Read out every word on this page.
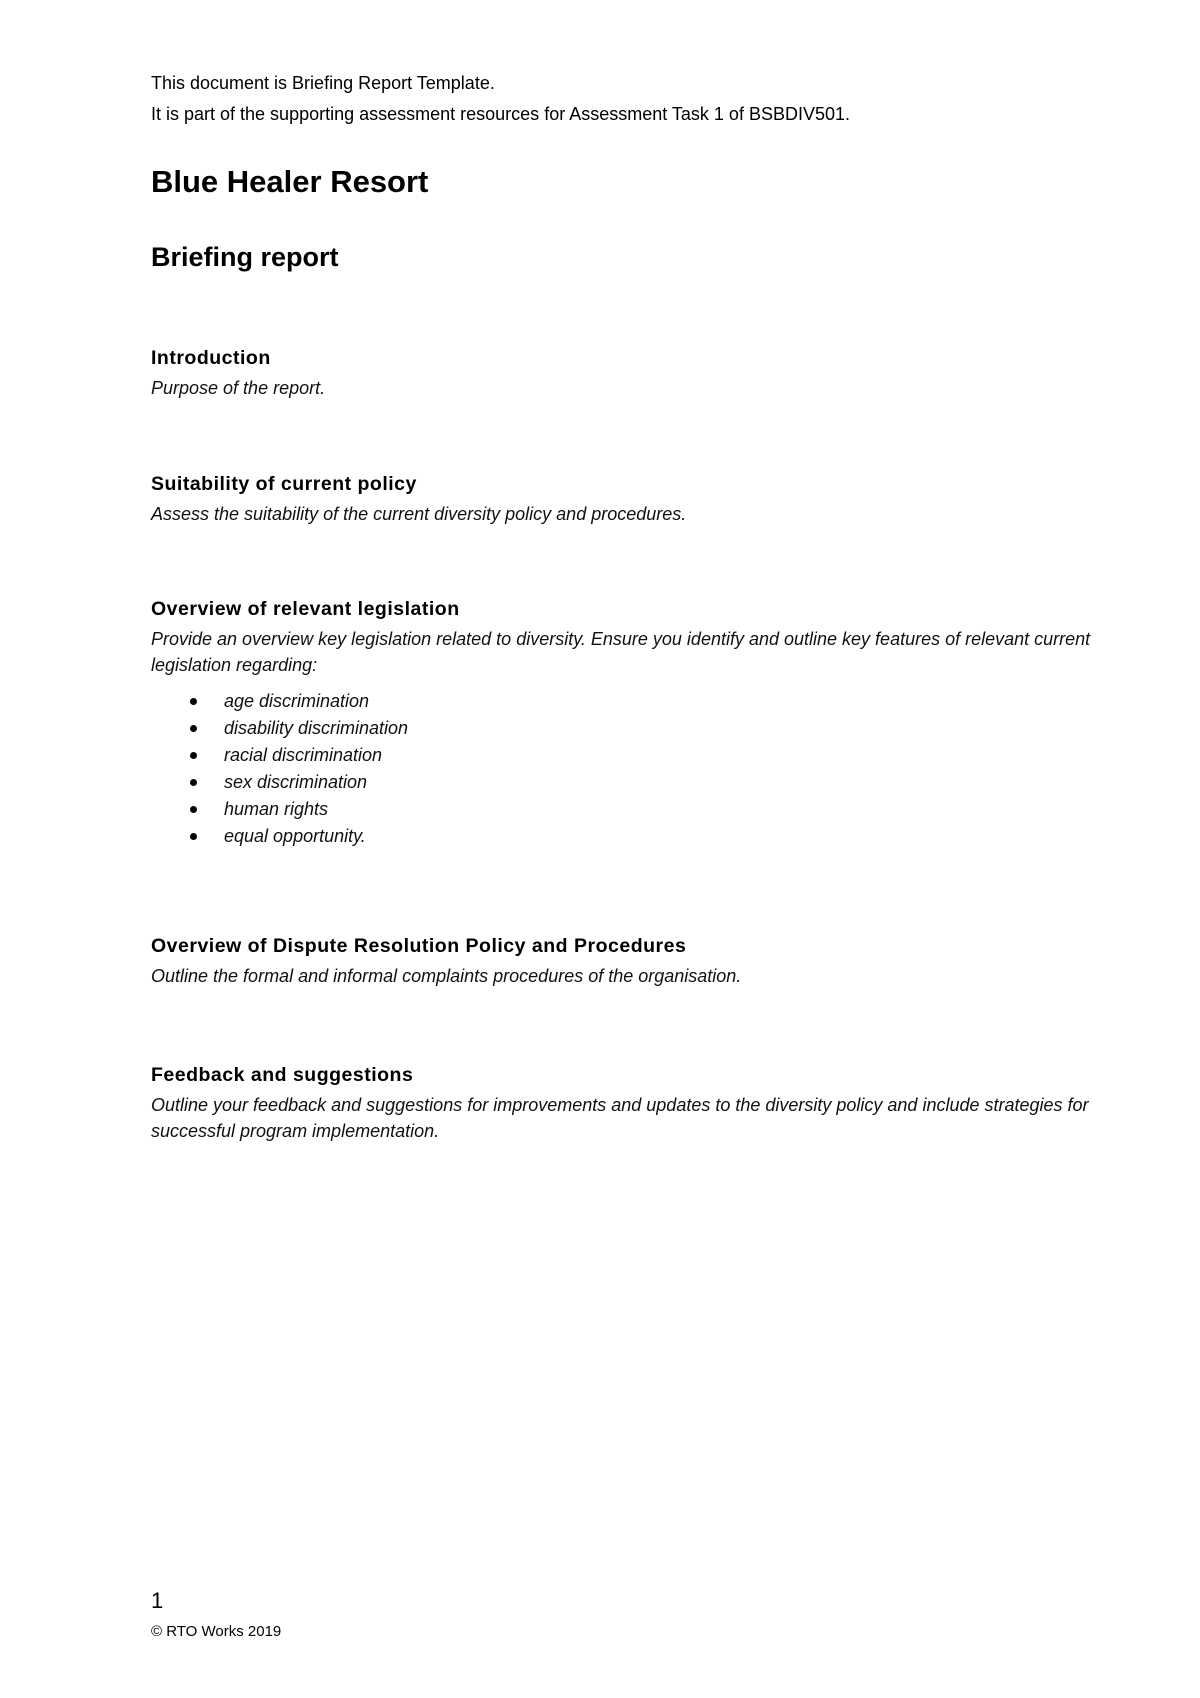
This document is Briefing Report Template.
It is part of the supporting assessment resources for Assessment Task 1 of BSBDIV501.
Blue Healer Resort
Briefing report
Introduction

Purpose of the report.

Suitability of current policy

Assess the suitability of the current diversity policy and procedures.

Overview of relevant legislation

Provide an overview key legislation related to diversity. Ensure you identify and outline key features of relevant current legislation regarding:

age discrimination
disability discrimination
racial discrimination
sex discrimination
human rights
equal opportunity.
Overview of Dispute Resolution Policy and Procedures

Outline the formal and informal complaints procedures of the organisation.

Feedback and suggestions

Outline your feedback and suggestions for improvements and updates to the diversity policy and include strategies for successful program implementation.

1
© RTO Works 2019
